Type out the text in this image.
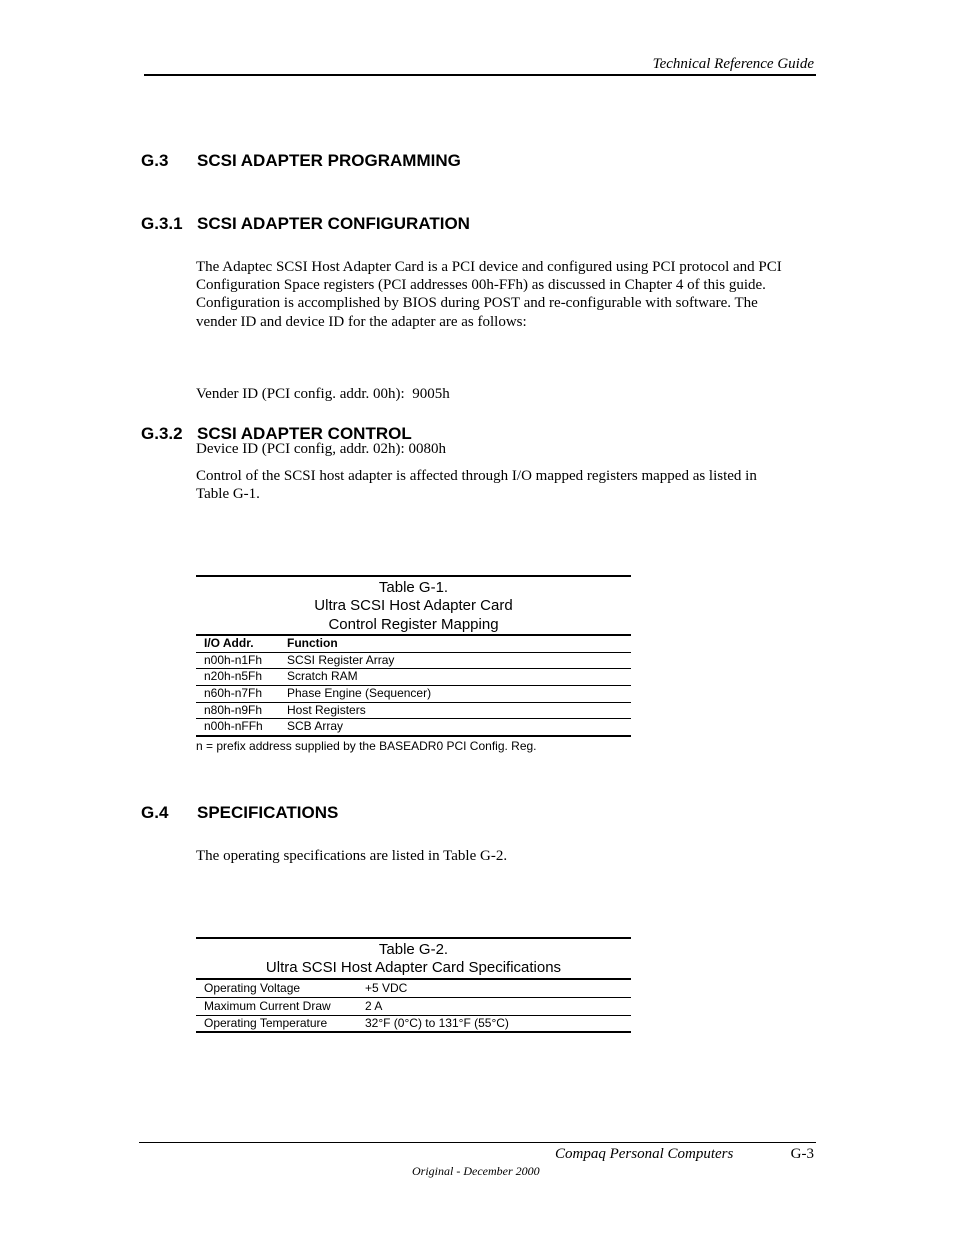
Technical Reference Guide
G.3 SCSI ADAPTER PROGRAMMING
G.3.1 SCSI ADAPTER CONFIGURATION
The Adaptec SCSI Host Adapter Card is a PCI device and configured using PCI protocol and PCI
Configuration Space registers (PCI addresses 00h-FFh) as discussed in Chapter 4 of this guide.
Configuration is accomplished by BIOS during POST and re-configurable with software. The
vender ID and device ID for the adapter are as follows:

Vender ID (PCI config. addr. 00h):  9005h

Device ID (PCI config, addr. 02h): 0080h

G.3.2 SCSI ADAPTER CONTROL
Control of the SCSI host adapter is affected through I/O mapped registers mapped as listed in
Table G-1.
Table G-1.
Ultra SCSI Host Adapter Card
Control Register Mapping
I/O Addr.	Function
n00h-n1Fh	SCSI Register Array
n20h-n5Fh	Scratch RAM
n60h-n7Fh	Phase Engine (Sequencer)
n80h-n9Fh	Host Registers
n00h-nFFh	SCB Array
n = prefix address supplied by the BASEADR0 PCI Config. Reg.
G.4 SPECIFICATIONS
The operating specifications are listed in Table G-2.
Table G-2.
Ultra SCSI Host Adapter Card Specifications
Operating Voltage	+5 VDC
Maximum Current Draw	2 A
Operating Temperature	32°F (0°C) to 131°F (55°C)
Compaq Personal Computers	G-3
Original - December 2000
